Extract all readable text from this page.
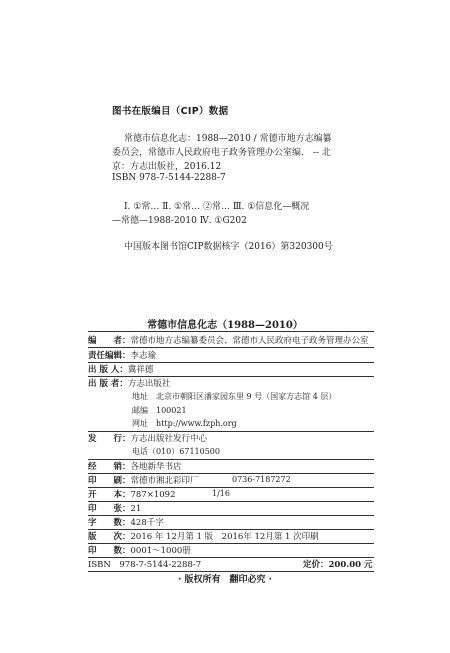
图书在版编目（CIP）数据
常德市信息化志：1988—2010 / 常德市地方志编纂
委员会，常德市人民政府电子政务管理办公室编． -- 北
京：方志出版社，2016.12
ISBN 978-7-5144-2288-7
Ⅰ. ①常… Ⅱ. ①常… ②常… Ⅲ. ①信息化—概况
—常德—1988-2010 Ⅳ. ①G202
中国版本图书馆CIP数据核字（2016）第320300号
常德市信息化志（1988—2010）
编　　者：常德市地方志编纂委员会、常德市人民政府电子政务管理办公室
责任编辑：李志瑜
出 版 人：冀祥德
出 版 者：方志出版社
地址　北京市朝阳区潘家园东里 9 号（国家方志馆 4 层）
邮编　100021
网址　http://www.fzph.org
发　　行：方志出版社发行中心
电话（010）67110500
经　　销：各地新华书店
印　　刷：常德市湘北彩印厂	0736-7187272
开　　本：787×1092	1/16
印　　张：21
字　　数：428千字
版　　次：2016 年 12月第 1 版　2016年 12月第 1 次印刷
印　　数：0001～1000册
ISBN　978-7-5144-2288-7	定价：200.00 元
· 版权所有　翻印必究 ·
